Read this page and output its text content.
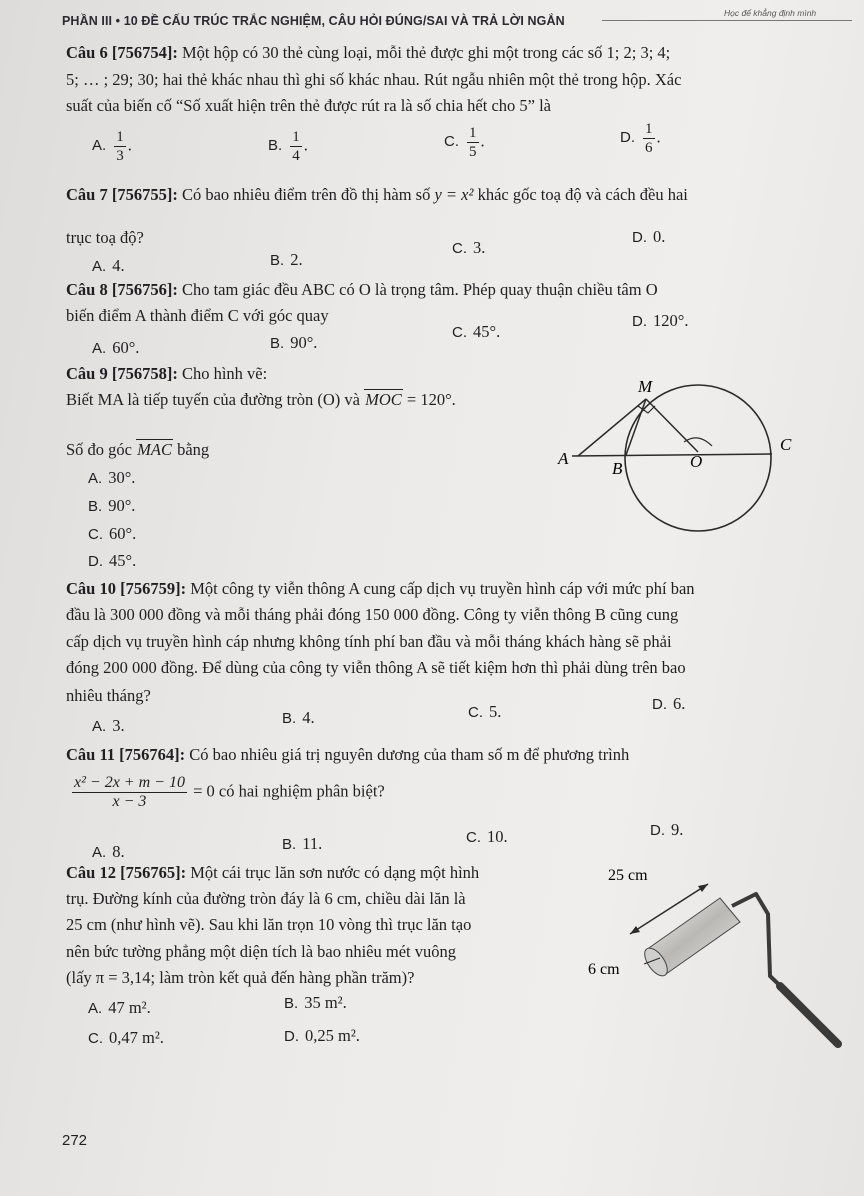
PHẦN III • 10 ĐỀ CẤU TRÚC TRẮC NGHIỆM, CÂU HỎI ĐÚNG/SAI VÀ TRẢ LỜI NGẮN
Học để khẳng định mình
Câu 6 [756754]: Một hộp có 30 thẻ cùng loại, mỗi thẻ được ghi một trong các số 1; 2; 3; 4;
5; … ; 29; 30; hai thẻ khác nhau thì ghi số khác nhau. Rút ngẫu nhiên một thẻ trong hộp. Xác
suất của biến cố “Số xuất hiện trên thẻ được rút ra là số chia hết cho 5” là
A. $\frac{1}{3}$ .	B. $\frac{1}{4}$ .	C. $\frac{1}{5}$ .	D. $\frac{1}{6}$ .
Câu 7 [756755]: Có bao nhiêu điểm trên đồ thị hàm số y = x² khác gốc toạ độ và cách đều hai
trục toạ độ?
A. 4.	B. 2.
C. 3.
D. 0.
Câu 8 [756756]: Cho tam giác đều ABC có O là trọng tâm. Phép quay thuận chiều tâm O
biến điểm A thành điểm C với góc quay
A. 60°.	B. 90°.
C. 45°.
D. 120°.
Câu 9 [756758]: Cho hình vẽ:
Biết MA là tiếp tuyến của đường tròn (O) và MOC = 120°.
Số đo góc MAC bằng
A. 30°.
B. 90°.
C. 60°.
D. 45°.
M
A
B	O
C
Câu 10 [756759]: Một công ty viễn thông A cung cấp dịch vụ truyền hình cáp với mức phí ban
đầu là 300 000 đồng và mỗi tháng phải đóng 150 000 đồng. Công ty viễn thông B cũng cung
cấp dịch vụ truyền hình cáp nhưng không tính phí ban đầu và mỗi tháng khách hàng sẽ phải
đóng 200 000 đồng. Để dùng của công ty viễn thông A sẽ tiết kiệm hơn thì phải dùng trên bao
nhiêu tháng?
A. 3.	B. 4.	C. 5.	D. 6.
Câu 11 [756764]: Có bao nhiêu giá trị nguyên dương của tham số m để phương trình
$\frac{\text{x² − 2x + m − 10}}{x - 3} = 0$ có hai nghiệm phân biệt?
A. 8.	B. 11.	C. 10.	D. 9.
Câu 12 [756765]: Một cái trục lăn sơn nước có dạng một hình
trụ. Đường kính của đường tròn đáy là 6 cm, chiều dài lăn là
25 cm (như hình vẽ). Sau khi lăn trọn 10 vòng thì trục lăn tạo
nên bức tường phẳng một diện tích là bao nhiêu mét vuông
(lấy π = 3,14; làm tròn kết quả đến hàng phần trăm)?
A. 47 m².	B. 35 m².
C. 0,47 m².	D. 0,25 m².
25 cm
6 cm
272
